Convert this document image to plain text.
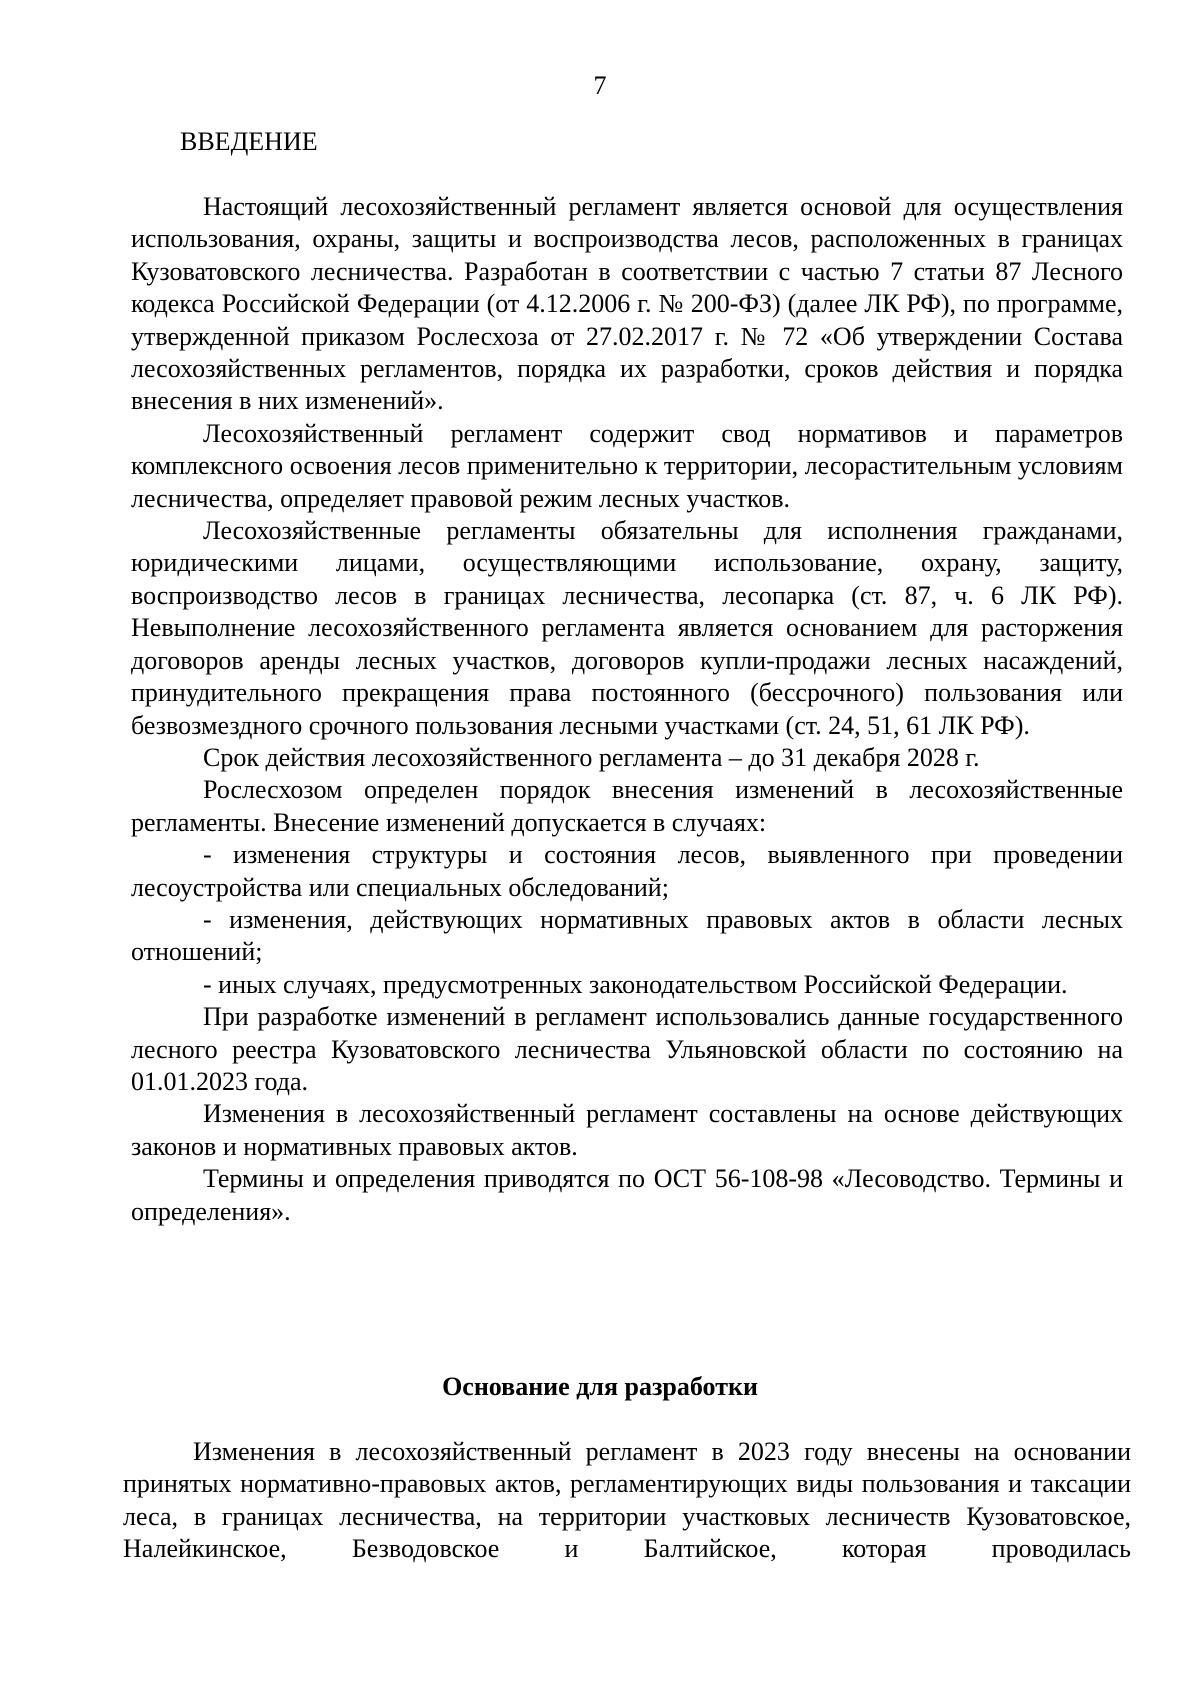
7
ВВЕДЕНИЕ

Настоящий лесохозяйственный регламент является основой для осуществления использования, охраны, защиты и воспроизводства лесов, расположенных в границах Кузоватовского лесничества. Разработан в соответствии с частью 7 статьи 87 Лесного кодекса Российской Федерации (от 4.12.2006 г. № 200-ФЗ) (далее ЛК РФ), по программе, утвержденной приказом Рослесхоза от 27.02.2017 г. № 72 «Об утверждении Состава лесохозяйственных регламентов, порядка их разработки, сроков действия и порядка внесения в них изменений».

Лесохозяйственный регламент содержит свод нормативов и параметров комплексного освоения лесов применительно к территории, лесорастительным условиям лесничества, определяет правовой режим лесных участков.

Лесохозяйственные регламенты обязательны для исполнения гражданами, юридическими лицами, осуществляющими использование, охрану, защиту, воспроизводство лесов в границах лесничества, лесопарка (ст. 87, ч. 6 ЛК РФ). Невыполнение лесохозяйственного регламента является основанием для расторжения договоров аренды лесных участков, договоров купли-продажи лесных насаждений, принудительного прекращения права постоянного (бессрочного) пользования или безвозмездного срочного пользования лесными участками (ст. 24, 51, 61 ЛК РФ).

Срок действия лесохозяйственного регламента – до 31 декабря 2028 г.

Рослесхозом определен порядок внесения изменений в лесохозяйственные регламенты. Внесение изменений допускается в случаях:

- изменения структуры и состояния лесов, выявленного при проведении лесоустройства или специальных обследований;

- изменения, действующих нормативных правовых актов в области лесных отношений;

- иных случаях, предусмотренных законодательством Российской Федерации.

При разработке изменений в регламент использовались данные государственного лесного реестра Кузоватовского лесничества Ульяновской области по состоянию на 01.01.2023 года.

Изменения в лесохозяйственный регламент составлены на основе действующих законов и нормативных правовых актов.

Термины и определения приводятся по ОСТ 56-108-98 «Лесоводство. Термины и определения».

Основание для разработки

Изменения в лесохозяйственный регламент в 2023 году внесены на основании принятых нормативно-правовых актов, регламентирующих виды пользования и таксации леса, в границах лесничества, на территории участковых лесничеств Кузоватовское, Налейкинское, Безводовское и Балтийское, которая проводилась
